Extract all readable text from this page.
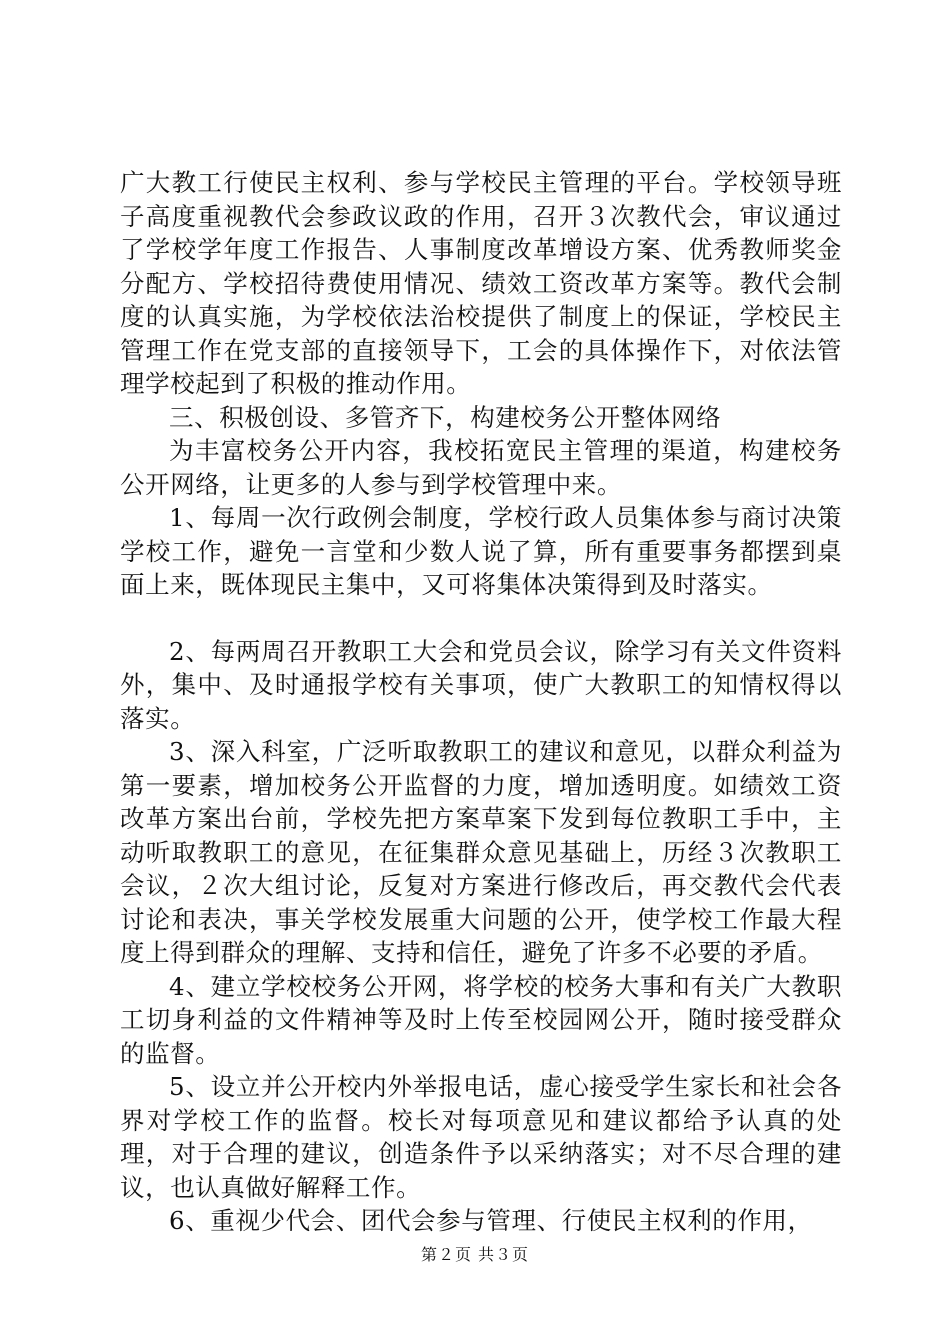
广大教工行使民主权利、参与学校民主管理的平台。学校领导班子高度重视教代会参政议政的作用，召开３次教代会，审议通过了学校学年度工作报告、人事制度改革增设方案、优秀教师奖金分配方、学校招待费使用情况、绩效工资改革方案等。教代会制度的认真实施，为学校依法治校提供了制度上的保证，学校民主管理工作在党支部的直接领导下，工会的具体操作下，对依法管理学校起到了积极的推动作用。

三、积极创设、多管齐下，构建校务公开整体网络

为丰富校务公开内容，我校拓宽民主管理的渠道，构建校务公开网络，让更多的人参与到学校管理中来。

1、每周一次行政例会制度，学校行政人员集体参与商讨决策学校工作，避免一言堂和少数人说了算，所有重要事务都摆到桌面上来，既体现民主集中，又可将集体决策得到及时落实。

2、每两周召开教职工大会和党员会议，除学习有关文件资料外，集中、及时通报学校有关事项，使广大教职工的知情权得以落实。

3、深入科室，广泛听取教职工的建议和意见，以群众利益为第一要素，增加校务公开监督的力度，增加透明度。如绩效工资改革方案出台前，学校先把方案草案下发到每位教职工手中，主动听取教职工的意见，在征集群众意见基础上，历经３次教职工会议，２次大组讨论，反复对方案进行修改后，再交教代会代表讨论和表决，事关学校发展重大问题的公开，使学校工作最大程度上得到群众的理解、支持和信任，避免了许多不必要的矛盾。

4、建立学校校务公开网，将学校的校务大事和有关广大教职工切身利益的文件精神等及时上传至校园网公开，随时接受群众的监督。

5、设立并公开校内外举报电话，虚心接受学生家长和社会各界对学校工作的监督。校长对每项意见和建议都给予认真的处理，对于合理的建议，创造条件予以采纳落实；对不尽合理的建议，也认真做好解释工作。

6、重视少代会、团代会参与管理、行使民主权利的作用，

第２页 共３页
